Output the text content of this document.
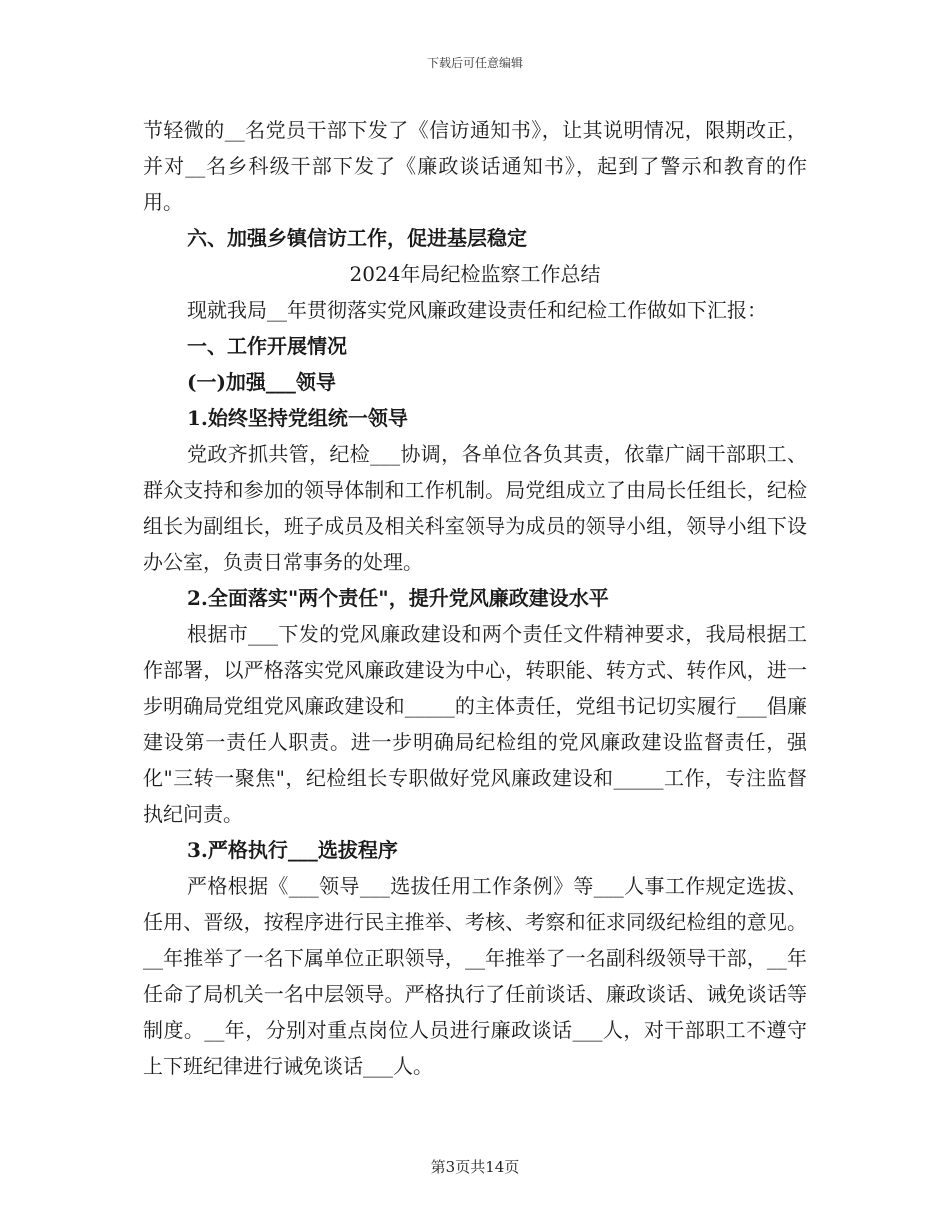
下载后可任意编辑

节轻微的__名党员干部下发了《信访通知书》，让其说明情况，限期改正，并对__名乡科级干部下发了《廉政谈话通知书》，起到了警示和教育的作用。

六、加强乡镇信访工作，促进基层稳定

2024年局纪检监察工作总结

现就我局__年贯彻落实党风廉政建设责任和纪检工作做如下汇报：

一、工作开展情况

(一)加强___领导

1.始终坚持党组统一领导

党政齐抓共管，纪检___协调，各单位各负其责，依靠广阔干部职工、群众支持和参加的领导体制和工作机制。局党组成立了由局长任组长，纪检组长为副组长，班子成员及相关科室领导为成员的领导小组，领导小组下设办公室，负责日常事务的处理。

2.全面落实"两个责任"，提升党风廉政建设水平

根据市___下发的党风廉政建设和两个责任文件精神要求，我局根据工作部署，以严格落实党风廉政建设为中心，转职能、转方式、转作风，进一步明确局党组党风廉政建设和_____的主体责任，党组书记切实履行___倡廉建设第一责任人职责。进一步明确局纪检组的党风廉政建设监督责任，强化"三转一聚焦"，纪检组长专职做好党风廉政建设和_____工作，专注监督执纪问责。

3.严格执行___选拔程序

严格根据《___领导___选拔任用工作条例》等___人事工作规定选拔、任用、晋级，按程序进行民主推举、考核、考察和征求同级纪检组的意见。__年推举了一名下属单位正职领导，__年推举了一名副科级领导干部，__年任命了局机关一名中层领导。严格执行了任前谈话、廉政谈话、诫免谈话等制度。__年，分别对重点岗位人员进行廉政谈话___人，对干部职工不遵守上下班纪律进行诫免谈话___人。

第3页共14页
